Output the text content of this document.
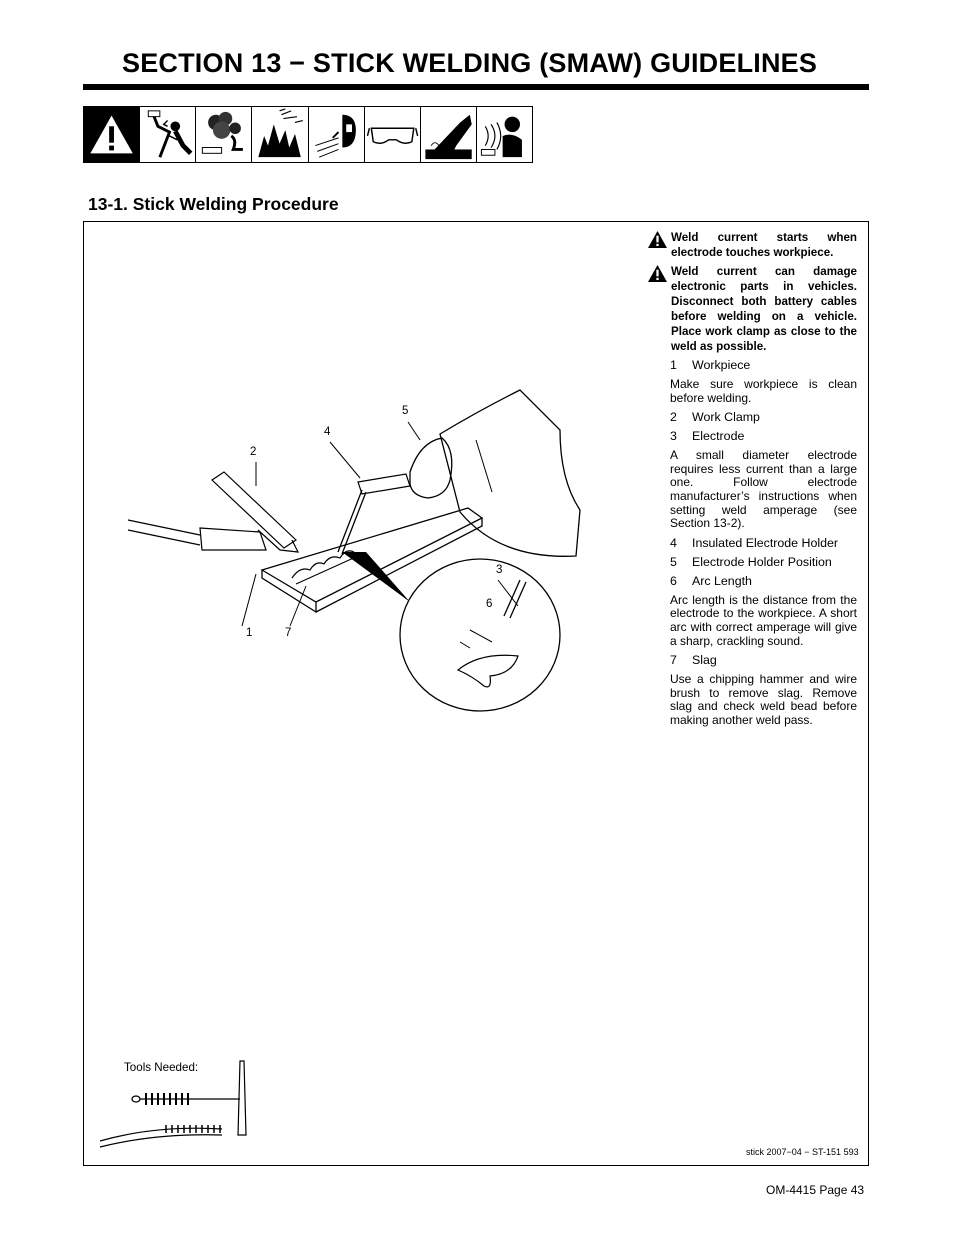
SECTION 13 − STICK WELDING (SMAW) GUIDELINES
13-1. Stick Welding Procedure
1	7
2
4
5
3
6
Weld current starts when electrode touches workpiece.
Weld current can damage electronic parts in vehicles. Disconnect both battery cables before welding on a vehicle. Place work clamp as close to the weld as possible.
1	Workpiece
Make sure workpiece is clean before welding.
2	Work Clamp
3	Electrode
A small diameter electrode requires less current than a large one. Follow electrode manufacturer’s instructions when setting weld amperage (see Section 13-2).
4	Insulated Electrode Holder
5	Electrode Holder Position
6	Arc Length
Arc length is the distance from the electrode to the workpiece. A short arc with correct amperage will give a sharp, crackling sound.
7	Slag
Use a chipping hammer and wire brush to remove slag. Remove slag and check weld bead before making another weld pass.
Tools Needed:
stick 2007−04 − ST-151 593
OM-4415 Page 43
